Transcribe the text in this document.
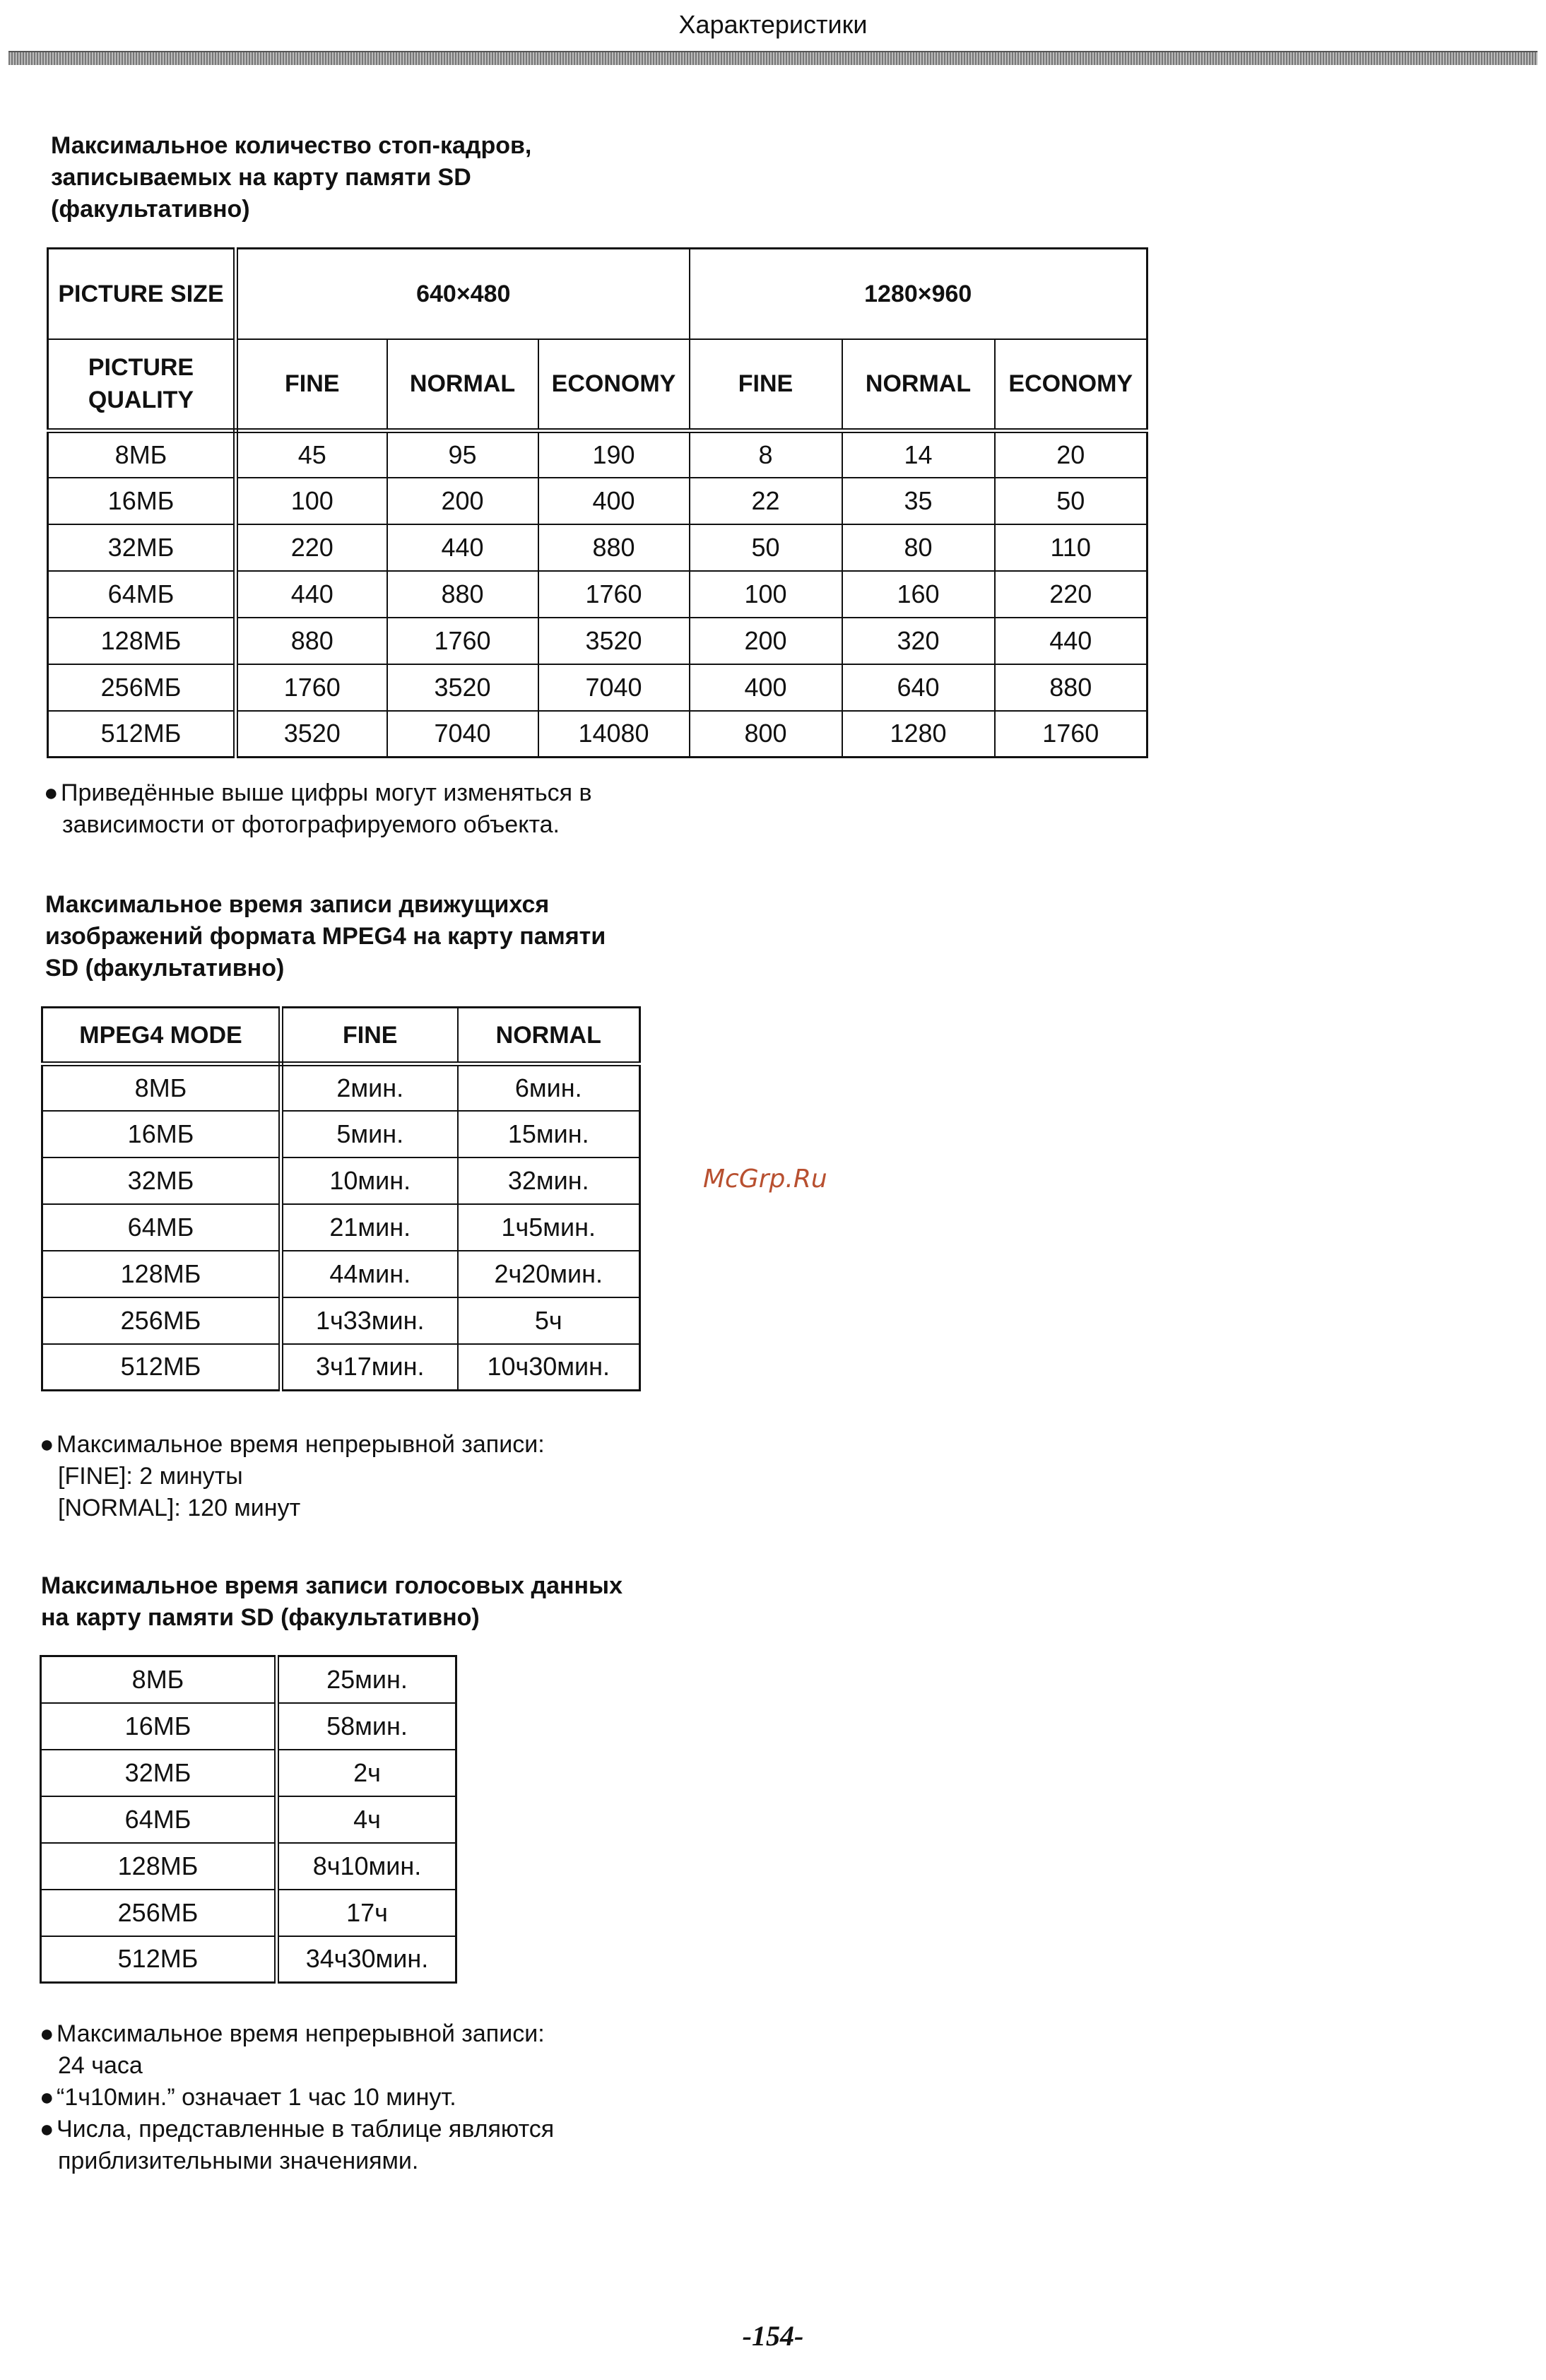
Характеристики
Максимальное количество стоп-кадров,
записываемых на карту памяти SD
(факультативно)
PICTURE SIZE	640×480			1280×960		
PICTURE QUALITY	FINE	NORMAL	ECONOMY	FINE	NORMAL	ECONOMY
8МБ	45	95	190	8	14	20
16МБ	100	200	400	22	35	50
32МБ	220	440	880	50	80	110
64МБ	440	880	1760	100	160	220
128МБ	880	1760	3520	200	320	440
256МБ	1760	3520	7040	400	640	880
512МБ	3520	7040	14080	800	1280	1760
● Приведённые выше цифры могут изменяться в
зависимости от фотографируемого объекта.
Максимальное время записи движущихся
изображений формата MPEG4 на карту памяти
SD (факультативно)
MPEG4 MODE	FINE	NORMAL
8МБ	2мин.	6мин.
16МБ	5мин.	15мин.
32МБ	10мин.	32мин.
64МБ	21мин.	1ч5мин.
128МБ	44мин.	2ч20мин.
256МБ	1ч33мин.	5ч
512МБ	3ч17мин.	10ч30мин.
● Максимальное время непрерывной записи:
[FINE]: 2 минуты
[NORMAL]: 120 минут
Максимальное время записи голосовых данных
на карту памяти SD (факультативно)
8МБ	25мин.
16МБ	58мин.
32МБ	2ч
64МБ	4ч
128МБ	8ч10мин.
256МБ	17ч
512МБ	34ч30мин.
● Максимальное время непрерывной записи:
24 часа
● “1ч10мин.” означает 1 час 10 минут.
● Числа, представленные в таблице являются
приблизительными значениями.
McGrp.Ru
-154-
